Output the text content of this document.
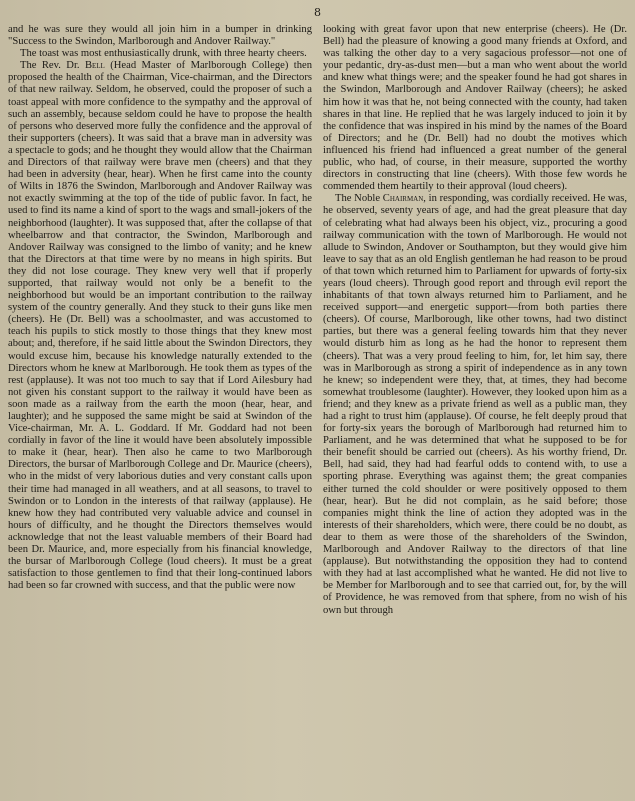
8

and he was sure they would all join him in a bumper in drinking "Success to the Swindon, Marlborough and Andover Railway."

The toast was most enthusiastically drunk, with three hearty cheers.

The Rev. Dr. Bell (Head Master of Marlborough College) then proposed the health of the Chairman, Vice-chairman, and the Directors of that new railway. Seldom, he observed, could the proposer of such a toast appeal with more confidence to the sympathy and the approval of such an assembly, because seldom could he have to propose the health of persons who deserved more fully the confidence and the approval of their supporters (cheers). It was said that a brave man in adversity was a spectacle to gods; and he thought they would allow that the Chairman and Directors of that railway were brave men (cheers) and that they had been in adversity (hear, hear). When he first came into the county of Wilts in 1876 the Swindon, Marlborough and Andover Railway was not exactly swimming at the top of the tide of public favor. In fact, he used to find its name a kind of sport to the wags and small-jokers of the neighborhood (laughter). It was supposed that, after the collapse of that wheelbarrow and that contractor, the Swindon, Marlborough and Andover Railway was consigned to the limbo of vanity; and he knew that the Directors at that time were by no means in high spirits. But they did not lose courage. They knew very well that if properly supported, that railway would not only be a benefit to the neighborhood but would be an important contribution to the railway system of the country generally. And they stuck to their guns like men (cheers). He (Dr. Bell) was a schoolmaster, and was accustomed to teach his pupils to stick mostly to those things that they knew most about; and, therefore, if he said little about the Swindon Directors, they would excuse him, because his knowledge naturally extended to the Directors whom he knew at Marlborough. He took them as types of the rest (applause). It was not too much to say that if Lord Ailesbury had not given his constant support to the railway it would have been as soon made as a railway from the earth the moon (hear, hear, and laughter); and he supposed the same might be said at Swindon of the Vice-chairman, Mr. A. L. Goddard. If Mr. Goddard had not been cordially in favor of the line it would have been absolutely impossible to make it (hear, hear). Then also he came to two Marlborough Directors, the bursar of Marlborough College and Dr. Maurice (cheers), who in the midst of very laborious duties and very constant calls upon their time had managed in all weathers, and at all seasons, to travel to Swindon or to London in the interests of that railway (applause). He knew how they had contributed very valuable advice and counsel in hours of difficulty, and he thought the Directors themselves would acknowledge that not the least valuable members of their Board had been Dr. Maurice, and, more especially from his financial knowledge, the bursar of Marlborough College (loud cheers). It must be a great satisfaction to those gentlemen to find that their long-continued labors had been so far crowned with success, and that the public were now

looking with great favor upon that new enterprise (cheers). He (Dr. Bell) had the pleasure of knowing a good many friends at Oxford, and was talking the other day to a very sagacious professor—not one of your pedantic, dry-as-dust men—but a man who went about the world and knew what things were; and the speaker found he had got shares in the Swindon, Marlborough and Andover Railway (cheers); he asked him how it was that he, not being connected with the county, had taken shares in that line. He replied that he was largely induced to join it by the confidence that was inspired in his mind by the names of the Board of Directors; and he (Dr. Bell) had no doubt the motives which influenced his friend had influenced a great number of the general public, who had, of course, in their measure, supported the worthy directors in constructing that line (cheers). With those few words he commended them heartily to their approval (loud cheers).

The Noble Chairman, in responding, was cordially received. He was, he observed, seventy years of age, and had the great pleasure that day of celebrating what had always been his object, viz., procuring a good railway communication with the town of Marlborough. He would not allude to Swindon, Andover or Southampton, but they would give him leave to say that as an old English gentleman he had reason to be proud of that town which returned him to Parliament for upwards of forty-six years (loud cheers). Through good report and through evil report the inhabitants of that town always returned him to Parliament, and he received support—and energetic support—from both parties there (cheers). Of course, Marlborough, like other towns, had two distinct parties, but there was a general feeling towards him that they never would disturb him as long as he had the honor to represent them (cheers). That was a very proud feeling to him, for, let him say, there was in Marlborough as strong a spirit of independence as in any town he knew; so independent were they, that, at times, they had become somewhat troublesome (laughter). However, they looked upon him as a friend; and they knew as a private friend as well as a public man, they had a right to trust him (applause). Of course, he felt deeply proud that for forty-six years the borough of Marlborough had returned him to Parliament, and he was determined that what he supposed to be for their benefit should be carried out (cheers). As his worthy friend, Dr. Bell, had said, they had had fearful odds to contend with, to use a sporting phrase. Everything was against them; the great companies either turned the cold shoulder or were positively opposed to them (hear, hear). But he did not complain, as he said before; those companies might think the line of action they adopted was in the interests of their shareholders, which were, there could be no doubt, as dear to them as were those of the shareholders of the Swindon, Marlborough and Andover Railway to the directors of that line (applause). But notwithstanding the opposition they had to contend with they had at last accomplished what he wanted. He did not live to be Member for Marlborough and to see that carried out, for, by the will of Providence, he was removed from that sphere, from no wish of his own but through
